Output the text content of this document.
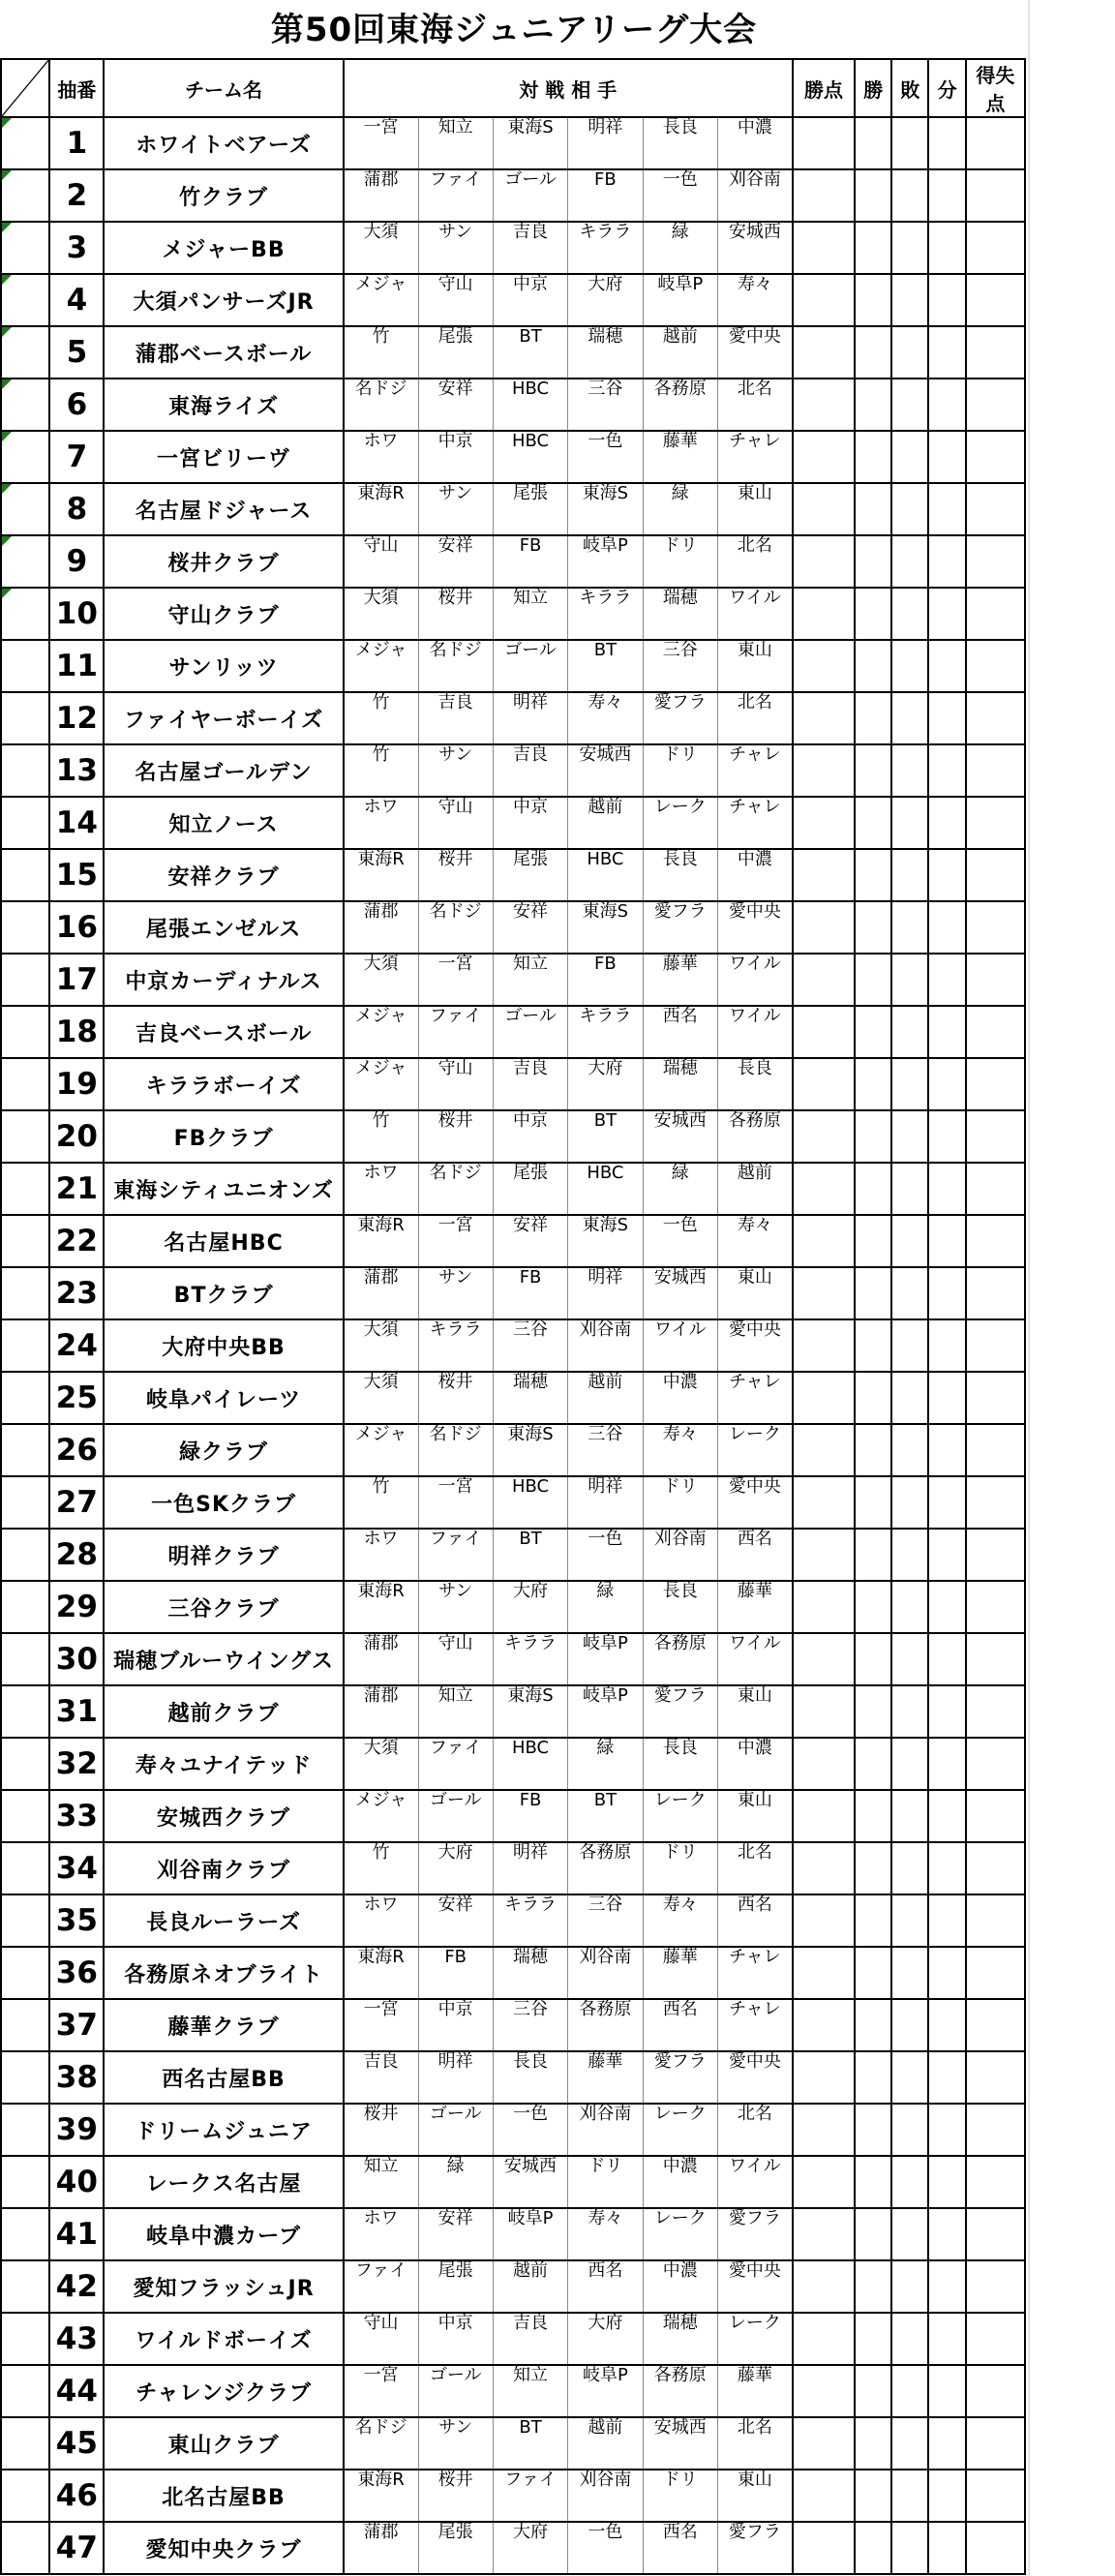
第50回東海ジュニアリーグ大会
	抽番	チーム名	対 戦 相 手						勝点	勝	敗	分	得失点

	1	ホワイトベアーズ	一宮	知立	東海S	明祥	長良	中濃					

	2	竹クラブ	蒲郡	ファイ	ゴール	FB	一色	刈谷南					

	3	メジャーBB	大須	サン	吉良	キララ	緑	安城西					

	4	大須パンサーズJR	メジャ	守山	中京	大府	岐阜P	寿々					

	5	蒲郡ベースボール	竹	尾張	BT	瑞穂	越前	愛中央					

	6	東海ライズ	名ドジ	安祥	HBC	三谷	各務原	北名					

	7	一宮ビリーヴ	ホワ	中京	HBC	一色	藤華	チャレ					

	8	名古屋ドジャース	東海R	サン	尾張	東海S	緑	東山					

	9	桜井クラブ	守山	安祥	FB	岐阜P	ドリ	北名					

	10	守山クラブ	大須	桜井	知立	キララ	瑞穂	ワイル					
	11	サンリッツ	メジャ	名ドジ	ゴール	BT	三谷	東山					
	12	ファイヤーボーイズ	竹	吉良	明祥	寿々	愛フラ	北名					
	13	名古屋ゴールデン	竹	サン	吉良	安城西	ドリ	チャレ					
	14	知立ノース	ホワ	守山	中京	越前	レーク	チャレ					
	15	安祥クラブ	東海R	桜井	尾張	HBC	長良	中濃					
	16	尾張エンゼルス	蒲郡	名ドジ	安祥	東海S	愛フラ	愛中央					
	17	中京カーディナルス	大須	一宮	知立	FB	藤華	ワイル					
	18	吉良ベースボール	メジャ	ファイ	ゴール	キララ	西名	ワイル					
	19	キララボーイズ	メジャ	守山	吉良	大府	瑞穂	長良					
	20	FBクラブ	竹	桜井	中京	BT	安城西	各務原					
	21	東海シティユニオンズ	ホワ	名ドジ	尾張	HBC	緑	越前					
	22	名古屋HBC	東海R	一宮	安祥	東海S	一色	寿々					
	23	BTクラブ	蒲郡	サン	FB	明祥	安城西	東山					
	24	大府中央BB	大須	キララ	三谷	刈谷南	ワイル	愛中央					
	25	岐阜パイレーツ	大須	桜井	瑞穂	越前	中濃	チャレ					
	26	緑クラブ	メジャ	名ドジ	東海S	三谷	寿々	レーク					
	27	一色SKクラブ	竹	一宮	HBC	明祥	ドリ	愛中央					
	28	明祥クラブ	ホワ	ファイ	BT	一色	刈谷南	西名					
	29	三谷クラブ	東海R	サン	大府	緑	長良	藤華					
	30	瑞穂ブルーウイングス	蒲郡	守山	キララ	岐阜P	各務原	ワイル					
	31	越前クラブ	蒲郡	知立	東海S	岐阜P	愛フラ	東山					
	32	寿々ユナイテッド	大須	ファイ	HBC	緑	長良	中濃					
	33	安城西クラブ	メジャ	ゴール	FB	BT	レーク	東山					
	34	刈谷南クラブ	竹	大府	明祥	各務原	ドリ	北名					
	35	長良ルーラーズ	ホワ	安祥	キララ	三谷	寿々	西名					
	36	各務原ネオブライト	東海R	FB	瑞穂	刈谷南	藤華	チャレ					
	37	藤華クラブ	一宮	中京	三谷	各務原	西名	チャレ					
	38	西名古屋BB	吉良	明祥	長良	藤華	愛フラ	愛中央					
	39	ドリームジュニア	桜井	ゴール	一色	刈谷南	レーク	北名					
	40	レークス名古屋	知立	緑	安城西	ドリ	中濃	ワイル					
	41	岐阜中濃カーブ	ホワ	安祥	岐阜P	寿々	レーク	愛フラ					
	42	愛知フラッシュJR	ファイ	尾張	越前	西名	中濃	愛中央					
	43	ワイルドボーイズ	守山	中京	吉良	大府	瑞穂	レーク					
	44	チャレンジクラブ	一宮	ゴール	知立	岐阜P	各務原	藤華					
	45	東山クラブ	名ドジ	サン	BT	越前	安城西	北名					
	46	北名古屋BB	東海R	桜井	ファイ	刈谷南	ドリ	東山					
	47	愛知中央クラブ	蒲郡	尾張	大府	一色	西名	愛フラ					
